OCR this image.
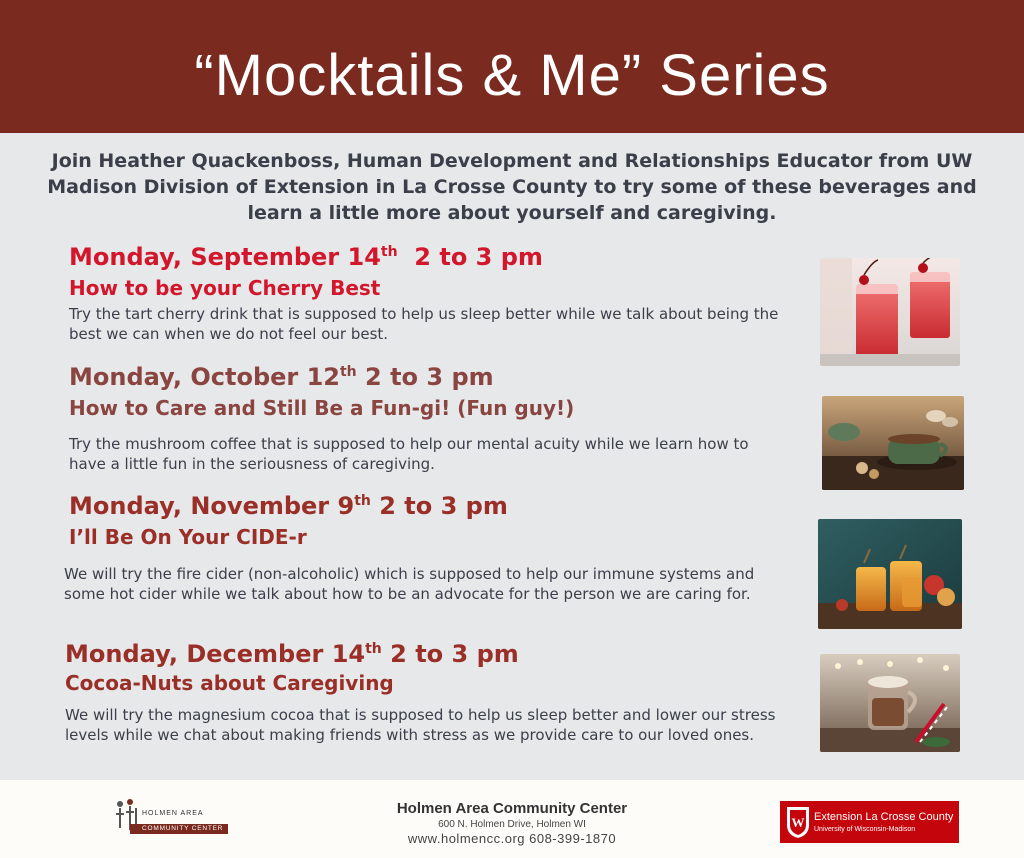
“Mocktails & Me” Series

Join Heather Quackenboss, Human Development and Relationships Educator from UW Madison Division of Extension in La Crosse County to try some of these beverages and learn a little more about yourself and caregiving.

Monday, September 14th  2 to 3 pm
How to be your Cherry Best

Try the tart cherry drink that is supposed to help us sleep better while we talk about being the best we can when we do not feel our best.

Monday, October 12th 2 to 3 pm
How to Care and Still Be a Fun-gi! (Fun guy!)

Try the mushroom coffee that is supposed to help our mental acuity while we learn how to have a little fun in the seriousness of caregiving.

Monday, November 9th 2 to 3 pm
I’ll Be On Your CIDE-r

We will try the fire cider (non-alcoholic) which is supposed to help our immune systems and some hot cider while we talk about how to be an advocate for the person we are caring for.

Monday, December 14th 2 to 3 pm
Cocoa-Nuts about Caregiving

We will try the magnesium cocoa that is supposed to help us sleep better and lower our stress levels while we chat about making friends with stress as we provide care to our loved ones.

Holmen Area Community Center
600 N. Holmen Drive, Holmen WI
www.holmencc.org 608-399-1870
HOLMEN AREA
COMMUNITY CENTER	W Extension La Crosse County
University of Wisconsin-Madison
